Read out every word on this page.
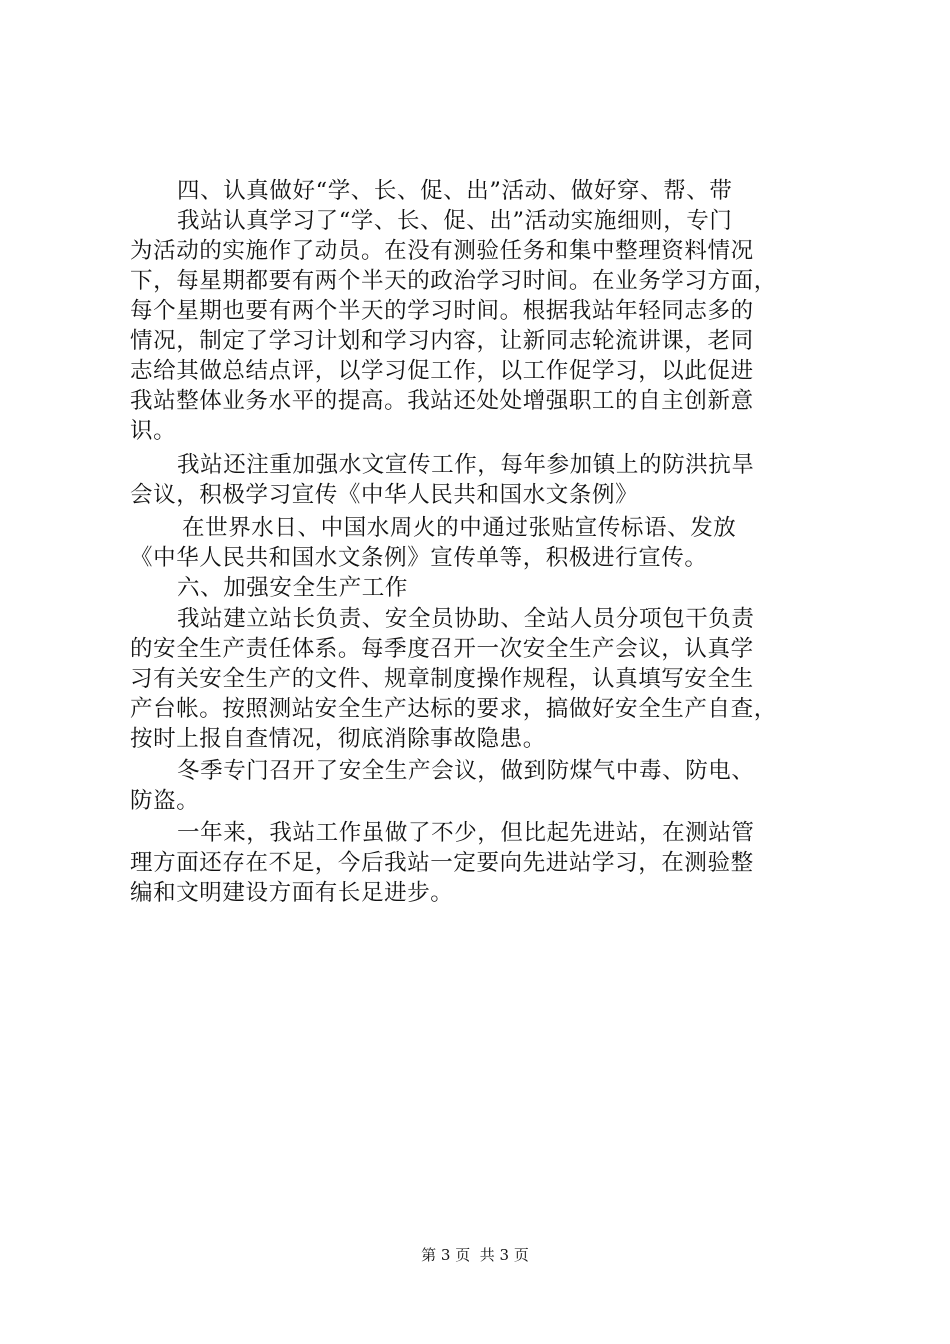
四、认真做好“学、长、促、出”活动、做好穿、帮、带
我站认真学习了“学、长、促、出”活动实施细则，专门
为活动的实施作了动员。在没有测验任务和集中整理资料情况
下，每星期都要有两个半天的政治学习时间。在业务学习方面，
每个星期也要有两个半天的学习时间。根据我站年轻同志多的
情况，制定了学习计划和学习内容，让新同志轮流讲课，老同
志给其做总结点评，以学习促工作，以工作促学习，以此促进
我站整体业务水平的提高。我站还处处增强职工的自主创新意
识。
我站还注重加强水文宣传工作，每年参加镇上的防洪抗旱
会议，积极学习宣传《中华人民共和国水文条例》
在世界水日、中国水周火的中通过张贴宣传标语、发放
《中华人民共和国水文条例》宣传单等，积极进行宣传。
六、加强安全生产工作
我站建立站长负责、安全员协助、全站人员分项包干负责
的安全生产责任体系。每季度召开一次安全生产会议，认真学
习有关安全生产的文件、规章制度操作规程，认真填写安全生
产台帐。按照测站安全生产达标的要求，搞做好安全生产自查，
按时上报自查情况，彻底消除事故隐患。
冬季专门召开了安全生产会议，做到防煤气中毒、防电、
防盗。
一年来，我站工作虽做了不少，但比起先进站，在测站管
理方面还存在不足，今后我站一定要向先进站学习，在测验整
编和文明建设方面有长足进步。
第 3 页  共 3 页
